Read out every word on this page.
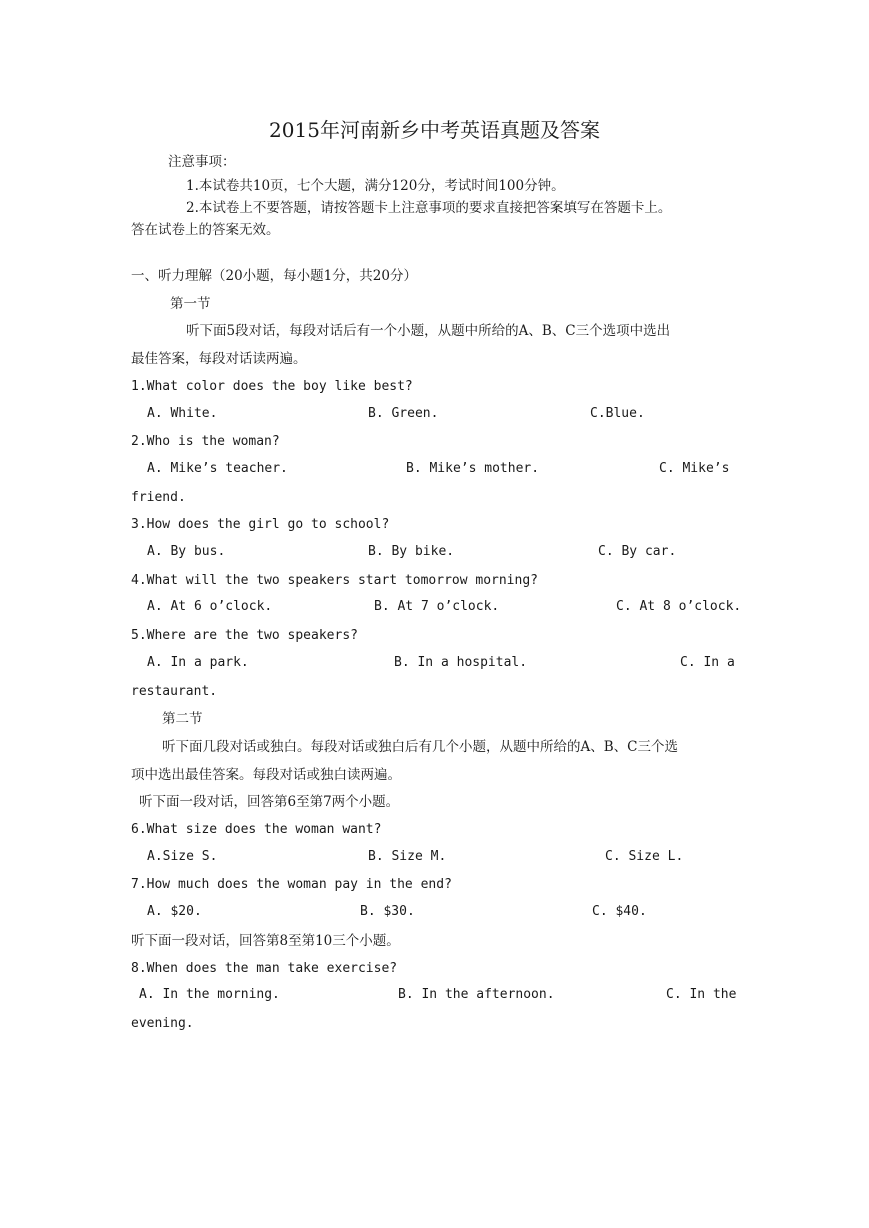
2015年河南新乡中考英语真题及答案
注意事项：
1.本试卷共10页，七个大题，满分120分，考试时间100分钟。
2.本试卷上不要答题，请按答题卡上注意事项的要求直接把答案填写在答题卡上。
答在试卷上的答案无效。
一、听力理解（20小题，每小题1分，共20分）
第一节
听下面5段对话，每段对话后有一个小题，从题中所给的A、B、C三个选项中选出
最佳答案，每段对话读两遍。
1.What color does the boy like best?
A. White.	B. Green.	C.Blue.
2.Who is the woman?
A. Mike’s teacher.	B. Mike’s mother.	C. Mike’s
friend.
3.How does the girl go to school?
A. By bus.	B. By bike.	C. By car.
4.What will the two speakers start tomorrow morning?
A. At 6 o’clock.	B. At 7 o’clock.	C. At 8 o’clock.
5.Where are the two speakers?
A. In a park.	B. In a hospital.	C. In a
restaurant.
第二节
听下面几段对话或独白。每段对话或独白后有几个小题，从题中所给的A、B、C三个选
项中选出最佳答案。每段对话或独白读两遍。
听下面一段对话，回答第6至第7两个小题。
6.What size does the woman want?
A.Size S.	B. Size M.	C. Size L.
7.How much does the woman pay in the end?
A. $20.	B. $30.	C. $40.
听下面一段对话，回答第8至第10三个小题。
8.When does the man take exercise?
A. In the morning.	B. In the afternoon.	C. In the
evening.
